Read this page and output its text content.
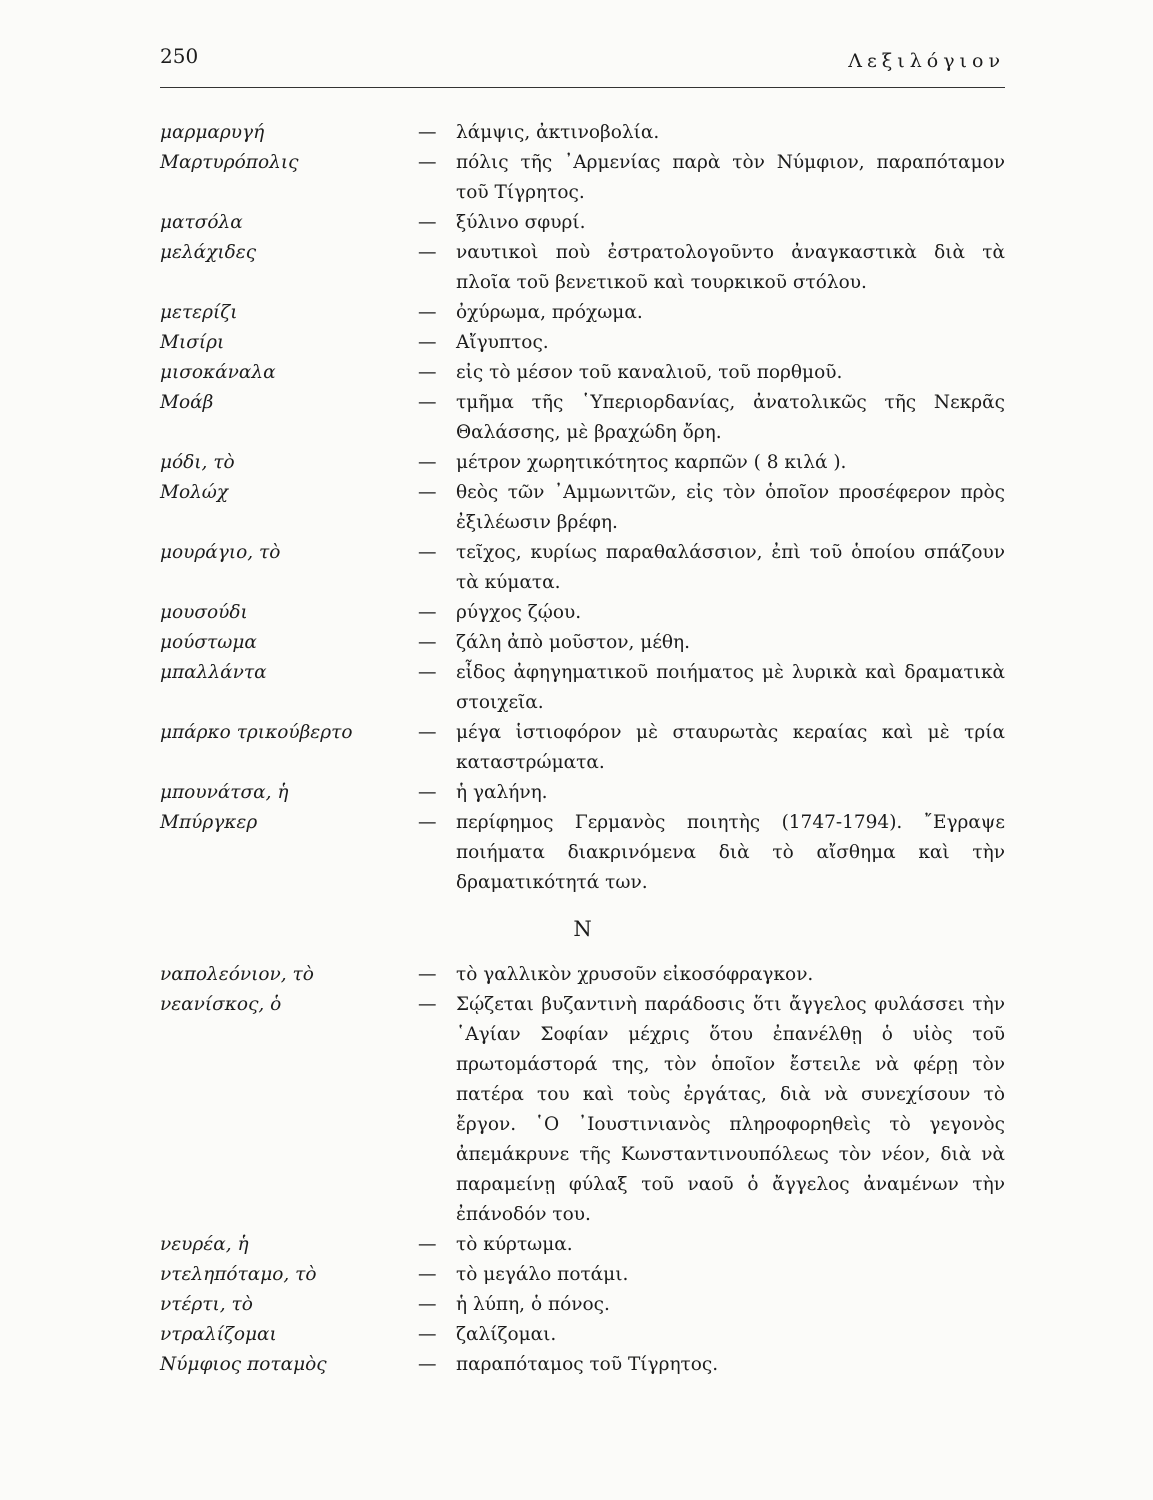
250	Λεξιλόγιον
μαρμαρυγή	—	λάμψις, ἀκτινοβολία.
Μαρτυρόπολις	—	πόλις τῆς ᾿Αρμενίας παρὰ τὸν Νύμφιον, παραπόταμον τοῦ Τίγρητος.
ματσόλα	—	ξύλινο σφυρί.
μελάχιδες	—	ναυτικοὶ ποὺ ἐστρατολογοῦντο ἀναγκαστικὰ διὰ τὰ πλοῖα τοῦ βενετικοῦ καὶ τουρκικοῦ στόλου.
μετερίζι	—	ὀχύρωμα, πρόχωμα.
Μισίρι	—	Αἴγυπτος.
μισοκάναλα	—	εἰς τὸ μέσον τοῦ καναλιοῦ, τοῦ πορθμοῦ.
Μοάβ	—	τμῆμα τῆς ῾Υπεριορδανίας, ἀνατολικῶς τῆς Νεκρᾶς Θαλάσσης, μὲ βραχώδη ὄρη.
μόδι, τὸ	—	μέτρον χωρητικότητος καρπῶν ( 8 κιλά ).
Μολώχ	—	θεὸς τῶν ᾿Αμμωνιτῶν, εἰς τὸν ὁποῖον προσέφερον πρὸς ἐξιλέωσιν βρέφη.
μουράγιο, τὸ	—	τεῖχος, κυρίως παραθαλάσσιον, ἐπὶ τοῦ ὁποίου σπάζουν τὰ κύματα.
μουσούδι	—	ρύγχος ζῴου.
μούστωμα	—	ζάλη ἀπὸ μοῦστον, μέθη.
μπαλλάντα	—	εἶδος ἀφηγηματικοῦ ποιήματος μὲ λυρικὰ καὶ δραματικὰ στοιχεῖα.
μπάρκο τρικούβερτο	—	μέγα ἱστιοφόρον μὲ σταυρωτὰς κεραίας καὶ μὲ τρία καταστρώματα.
μπουνάτσα, ἡ	—	ἡ γαλήνη.
Μπύργκερ	—	περίφημος Γερμανὸς ποιητὴς (1747-1794). ῎Εγραψε ποιήματα διακρινόμενα διὰ τὸ αἴσθημα καὶ τὴν δραματικότητά των.
Ν
ναπολεόνιον, τὸ	—	τὸ γαλλικὸν χρυσοῦν εἰκοσόφραγκον.
νεανίσκος, ὁ	—	Σῴζεται βυζαντινὴ παράδοσις ὅτι ἄγγελος φυλάσσει τὴν ῾Αγίαν Σοφίαν μέχρις ὅτου ἐπανέλθῃ ὁ υἱὸς τοῦ πρωτομάστορά της, τὸν ὁποῖον ἔστειλε νὰ φέρῃ τὸν πατέρα του καὶ τοὺς ἐργάτας, διὰ νὰ συνεχίσουν τὸ ἔργον. ῾Ο ᾿Ιουστινιανὸς πληροφορηθεὶς τὸ γεγονὸς ἀπεμάκρυνε τῆς Κωνσταντινουπόλεως τὸν νέον, διὰ νὰ παραμείνῃ φύλαξ τοῦ ναοῦ ὁ ἄγγελος ἀναμένων τὴν ἐπάνοδόν του.
νευρέα, ἡ	—	τὸ κύρτωμα.
ντεληπόταμο, τὸ	—	τὸ μεγάλο ποτάμι.
ντέρτι, τὸ	—	ἡ λύπη, ὁ πόνος.
ντραλίζομαι	—	ζαλίζομαι.
Νύμφιος ποταμὸς	—	παραπόταμος τοῦ Τίγρητος.
